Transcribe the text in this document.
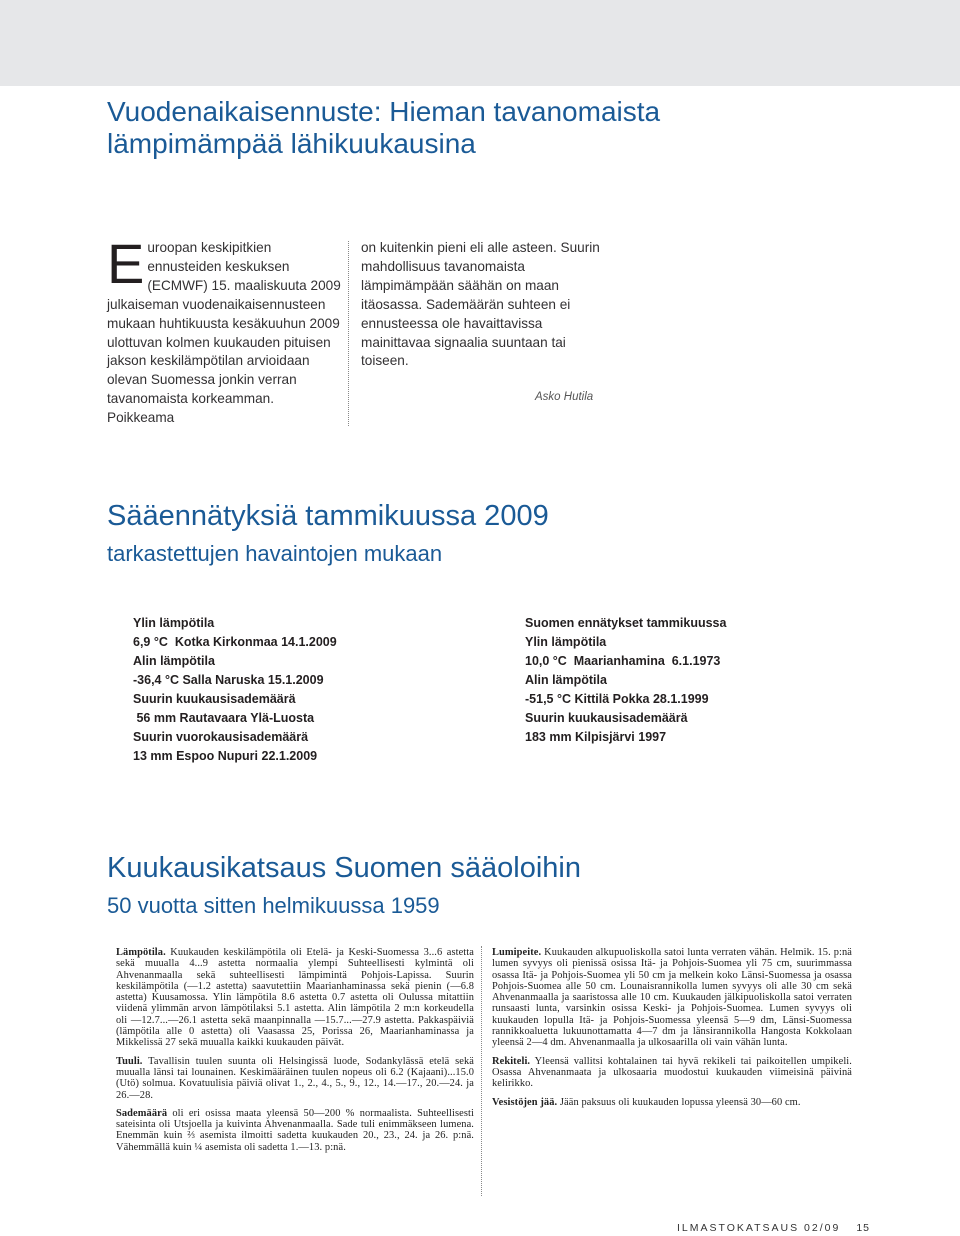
Vuodenaikaisennuste: Hieman tavanomaista
lämpimämpää lähikuukausina
E uroopan keskipitkien ennusteiden keskuksen (ECMWF) 15. maaliskuuta 2009 julkaiseman vuodenaikaisennusteen mukaan huhtikuusta kesäkuuhun 2009 ulottuvan kolmen kuukauden pituisen jakson keskilämpötilan arvioidaan olevan Suomessa jonkin verran tavanomaista korkeamman. Poikkeama

on kuitenkin pieni eli alle asteen. Suurin mahdollisuus tavanomaista lämpimämpään säähän on maan itäosassa. Sademäärän suhteen ei ennusteessa ole havaittavissa mainittavaa signaalia suuntaan tai toiseen.

Asko Hutila
Sääennätyksiä tammikuussa 2009
tarkastettujen havaintojen mukaan
Ylin lämpötila
6,9 °C  Kotka Kirkonmaa 14.1.2009
Alin lämpötila
-36,4 °C Salla Naruska 15.1.2009
Suurin kuukausisademäärä
56 mm Rautavaara Ylä-Luosta
Suurin vuorokausisademäärä
13 mm Espoo Nupuri 22.1.2009
Suomen ennätykset tammikuussa
Ylin lämpötila
10,0 °C  Maarianhamina  6.1.1973
Alin lämpötila
-51,5 °C Kittilä Pokka 28.1.1999
Suurin kuukausisademäärä
183 mm Kilpisjärvi 1997
Kuukausikatsaus Suomen sääoloihin
50 vuotta sitten helmikuussa 1959

Lämpötila. Kuukauden keskilämpötila oli Etelä- ja Keski-Suomessa 3...6 astetta sekä muualla 4...9 astetta normaalia ylempi Suhteellisesti kylmintä oli Ahvenanmaalla sekä suhteellisesti lämpimintä Pohjois-Lapissa. Suurin keskilämpötila (—1.2 astetta) saavutettiin Maarianhaminassa sekä pienin (—6.8 astetta) Kuusamossa. Ylin lämpötila 8.6 astetta 0.7 astetta oli Oulussa mitattiin viidenä ylimmän arvon lämpötilaksi 5.1 astetta. Alin lämpötila 2 m:n korkeudella oli —12.7...—26.1 astetta sekä maanpinnalla —15.7...—27.9 astetta. Pakkaspäiviä (lämpötila alle 0 astetta) oli Vaasassa 25, Porissa 26, Maarianhaminassa ja Mikkelissä 27 sekä muualla kaikki kuukauden päivät.

Tuuli. Tavallisin tuulen suunta oli Helsingissä luode, Sodankylässä etelä sekä muualla länsi tai lounainen. Keskimääräinen tuulen nopeus oli 6.2 (Kajaani)...15.0 (Utö) solmua. Kovatuulisia päiviä olivat 1., 2., 4., 5., 9., 12., 14.—17., 20.—24. ja 26.—28.

Sademäärä oli eri osissa maata yleensä 50—200 % normaalista. Suhteellisesti sateisinta oli Utsjoella ja kuivinta Ahvenanmaalla. Sade tuli enimmäkseen lumena. Enemmän kuin ⅔ asemista ilmoitti sadetta kuukauden 20., 23., 24. ja 26. p:nä. Vähemmällä kuin ¼ asemista oli sadetta 1.—13. p:nä.

Lumipeite. Kuukauden alkupuoliskolla satoi lunta verraten vähän. Helmik. 15. p:nä lumen syvyys oli pienissä osissa Itä- ja Pohjois-Suomea yli 75 cm, suurimmassa osassa Itä- ja Pohjois-Suomea yli 50 cm ja melkein koko Länsi-Suomessa ja osassa Pohjois-Suomea alle 50 cm. Lounaisrannikolla lumen syvyys oli alle 30 cm sekä Ahvenanmaalla ja saaristossa alle 10 cm. Kuukauden jälkipuoliskolla satoi verraten runsaasti lunta, varsinkin osissa Keski- ja Pohjois-Suomea. Lumen syvyys oli kuukauden lopulla Itä- ja Pohjois-Suomessa yleensä 5—9 dm, Länsi-Suomessa rannikkoaluetta lukuunottamatta 4—7 dm ja länsirannikolla Hangosta Kokkolaan yleensä 2—4 dm. Ahvenanmaalla ja ulkosaarilla oli vain vähän lunta.

Rekiteli. Yleensä vallitsi kohtalainen tai hyvä rekikeli tai paikoitellen umpikeli. Osassa Ahvenanmaata ja ulkosaaria muodostui kuukauden viimeisinä päivinä kelirikko.

Vesistöjen jää. Jään paksuus oli kuukauden lopussa yleensä 30—60 cm.

ILMASTOKATSAUS 02/09 15
